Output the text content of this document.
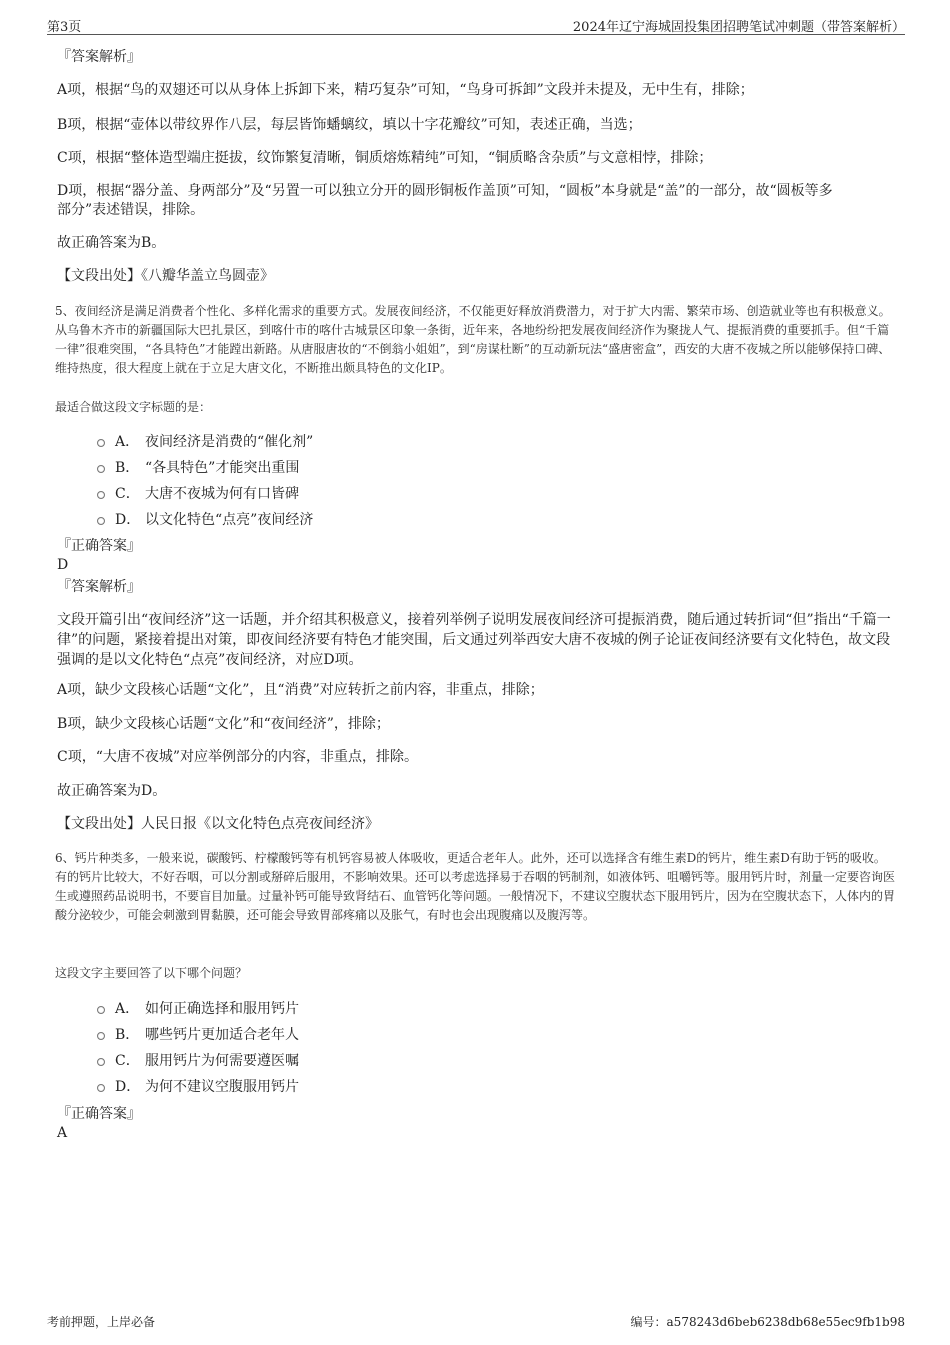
第3页	2024年辽宁海城固投集团招聘笔试冲刺题（带答案解析）
『答案解析』
A项，根据“鸟的双翅还可以从身体上拆卸下来，精巧复杂”可知，“鸟身可拆卸”文段并未提及，无中生有，排除；
B项，根据“壶体以带纹界作八层，每层皆饰蟠螭纹，填以十字花瓣纹”可知，表述正确，当选；
C项，根据“整体造型端庄挺拔，纹饰繁复清晰，铜质熔炼精纯”可知，“铜质略含杂质”与文意相悖，排除；
D项，根据“器分盖、身两部分”及“另置一可以独立分开的圆形铜板作盖顶”可知，“圆板”本身就是“盖”的一部分，故“圆板等多
部分”表述错误，排除。
故正确答案为B。
【文段出处】《八瓣华盖立鸟圆壶》
5、夜间经济是满足消费者个性化、多样化需求的重要方式。发展夜间经济，不仅能更好释放消费潜力，对于扩大内需、繁荣市场、创造就业等也有积极意义。从乌鲁木齐市的新疆国际大巴扎景区，到喀什市的喀什古城景区印象一条街，近年来，各地纷纷把发展夜间经济作为聚拢人气、提振消费的重要抓手。但“千篇一律”很难突围，“各具特色”才能蹚出新路。从唐服唐妆的“不倒翁小姐姐”，到“房谋杜断”的互动新玩法“盛唐密盒”，西安的大唐不夜城之所以能够保持口碑、维持热度，很大程度上就在于立足大唐文化，不断推出颇具特色的文化IP。
最适合做这段文字标题的是：
A． 夜间经济是消费的“催化剂”
B． “各具特色”才能突出重围
C． 大唐不夜城为何有口皆碑
D． 以文化特色“点亮”夜间经济
『正确答案』
D
『答案解析』
文段开篇引出“夜间经济”这一话题，并介绍其积极意义，接着列举例子说明发展夜间经济可提振消费，随后通过转折词“但”指出“千篇一律”的问题，紧接着提出对策，即夜间经济要有特色才能突围，后文通过列举西安大唐不夜城的例子论证夜间经济要有文化特色，故文段强调的是以文化特色“点亮”夜间经济，对应D项。
A项，缺少文段核心话题“文化”，且“消费”对应转折之前内容，非重点，排除；
B项，缺少文段核心话题“文化”和“夜间经济”，排除；
C项，“大唐不夜城”对应举例部分的内容，非重点，排除。
故正确答案为D。
【文段出处】人民日报《以文化特色点亮夜间经济》
6、钙片种类多，一般来说，碳酸钙、柠檬酸钙等有机钙容易被人体吸收，更适合老年人。此外，还可以选择含有维生素D的钙片，维生素D有助于钙的吸收。有的钙片比较大，不好吞咽，可以分割或掰碎后服用，不影响效果。还可以考虑选择易于吞咽的钙制剂，如液体钙、咀嚼钙等。服用钙片时，剂量一定要咨询医生或遵照药品说明书，不要盲目加量。过量补钙可能导致肾结石、血管钙化等问题。一般情况下，不建议空腹状态下服用钙片，因为在空腹状态下，人体内的胃酸分泌较少，可能会刺激到胃黏膜，还可能会导致胃部疼痛以及胀气，有时也会出现腹痛以及腹泻等。
这段文字主要回答了以下哪个问题？
A． 如何正确选择和服用钙片
B． 哪些钙片更加适合老年人
C． 服用钙片为何需要遵医嘱
D． 为何不建议空腹服用钙片
『正确答案』
A
考前押题，上岸必备	编号：a578243d6beb6238db68e55ec9fb1b98
